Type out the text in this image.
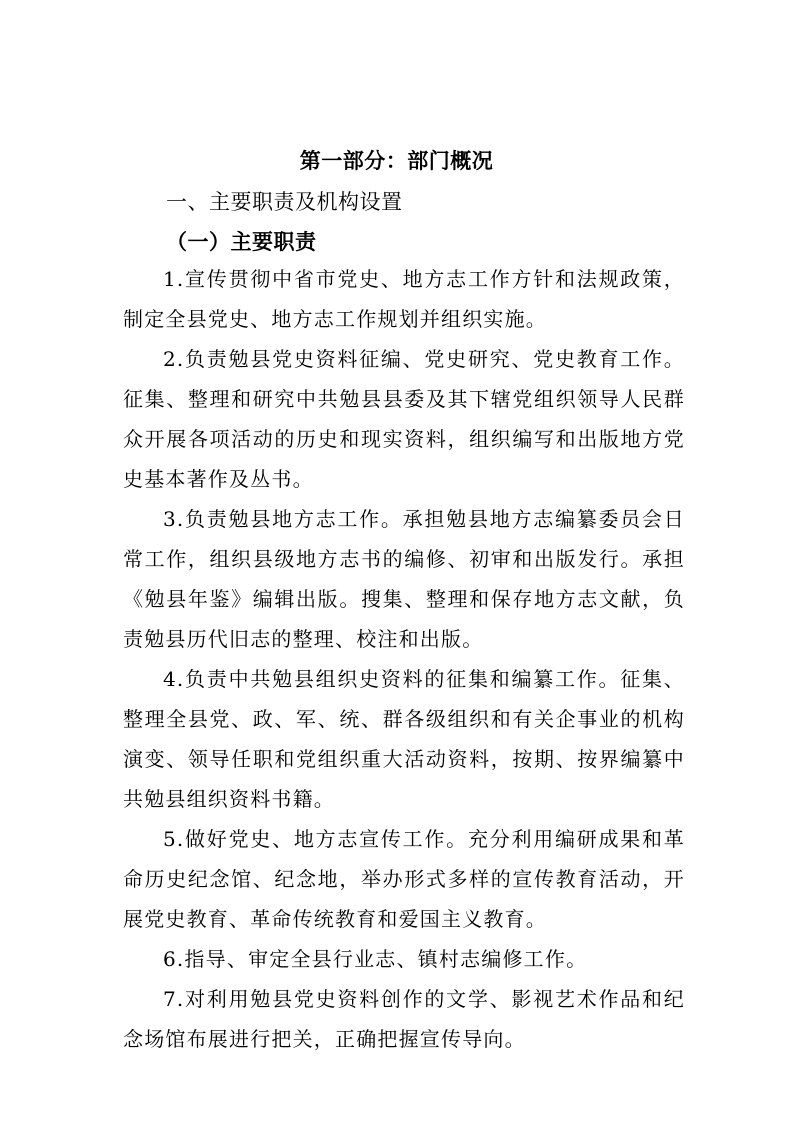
第一部分：部门概况
一、主要职责及机构设置
（一）主要职责

1.宣传贯彻中省市党史、地方志工作方针和法规政策，制定全县党史、地方志工作规划并组织实施。

2.负责勉县党史资料征编、党史研究、党史教育工作。征集、整理和研究中共勉县县委及其下辖党组织领导人民群众开展各项活动的历史和现实资料，组织编写和出版地方党史基本著作及丛书。

3.负责勉县地方志工作。承担勉县地方志编纂委员会日常工作，组织县级地方志书的编修、初审和出版发行。承担《勉县年鉴》编辑出版。搜集、整理和保存地方志文献，负责勉县历代旧志的整理、校注和出版。

4.负责中共勉县组织史资料的征集和编纂工作。征集、整理全县党、政、军、统、群各级组织和有关企事业的机构演变、领导任职和党组织重大活动资料，按期、按界编纂中共勉县组织资料书籍。

5.做好党史、地方志宣传工作。充分利用编研成果和革命历史纪念馆、纪念地，举办形式多样的宣传教育活动，开展党史教育、革命传统教育和爱国主义教育。

6.指导、审定全县行业志、镇村志编修工作。

7.对利用勉县党史资料创作的文学、影视艺术作品和纪念场馆布展进行把关，正确把握宣传导向。
